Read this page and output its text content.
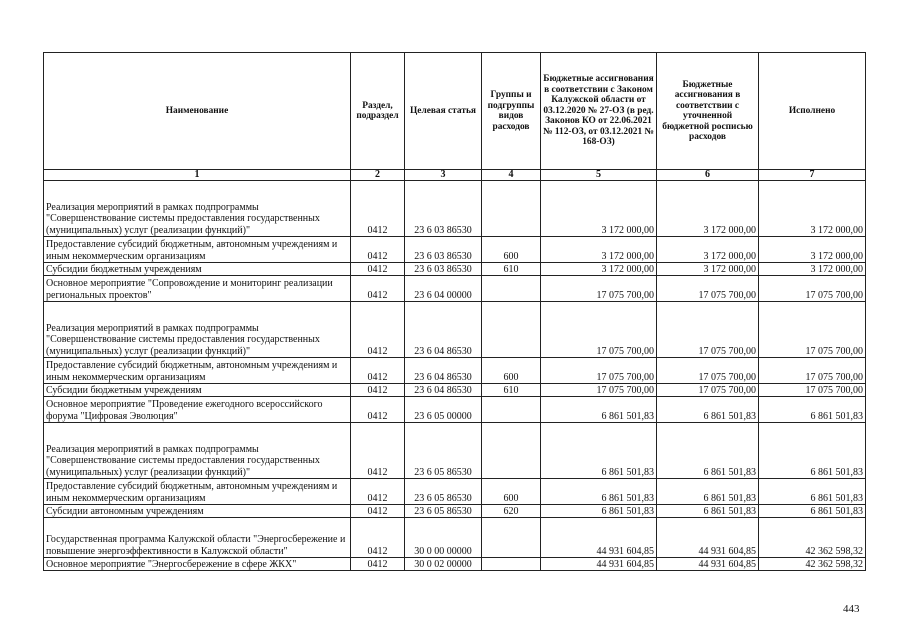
Наименование	Раздел, подраздел	Целевая статья	Группы и подгруппы видов расходов	Бюджетные ассигнования в соответствии с Законом Калужской области от 03.12.2020 № 27-ОЗ (в ред. Законов КО от 22.06.2021 № 112-ОЗ, от 03.12.2021 № 168-ОЗ)	Бюджетные ассигнования в соответствии с уточненной бюджетной росписью расходов	Исполнено
1	2	3	4	5	6	7
Реализация мероприятий в рамках подпрограммы "Совершенствование системы предоставления государственных (муниципальных) услуг (реализации функций)"	0412	23 6 03 86530		3 172 000,00	3 172 000,00	3 172 000,00
Предоставление субсидий бюджетным, автономным учреждениям и иным некоммерческим организациям	0412	23 6 03 86530	600	3 172 000,00	3 172 000,00	3 172 000,00
Субсидии бюджетным учреждениям	0412	23 6 03 86530	610	3 172 000,00	3 172 000,00	3 172 000,00
Основное мероприятие "Сопровождение и мониторинг реализации региональных проектов"	0412	23 6 04 00000		17 075 700,00	17 075 700,00	17 075 700,00
Реализация мероприятий в рамках подпрограммы "Совершенствование системы предоставления государственных (муниципальных) услуг (реализации функций)"	0412	23 6 04 86530		17 075 700,00	17 075 700,00	17 075 700,00
Предоставление субсидий бюджетным, автономным учреждениям и иным некоммерческим организациям	0412	23 6 04 86530	600	17 075 700,00	17 075 700,00	17 075 700,00
Субсидии бюджетным учреждениям	0412	23 6 04 86530	610	17 075 700,00	17 075 700,00	17 075 700,00
Основное мероприятие "Проведение ежегодного всероссийского форума "Цифровая Эволюция"	0412	23 6 05 00000		6 861 501,83	6 861 501,83	6 861 501,83
Реализация мероприятий в рамках подпрограммы "Совершенствование системы предоставления государственных (муниципальных) услуг (реализации функций)"	0412	23 6 05 86530		6 861 501,83	6 861 501,83	6 861 501,83
Предоставление субсидий бюджетным, автономным учреждениям и иным некоммерческим организациям	0412	23 6 05 86530	600	6 861 501,83	6 861 501,83	6 861 501,83
Субсидии автономным учреждениям	0412	23 6 05 86530	620	6 861 501,83	6 861 501,83	6 861 501,83
Государственная программа Калужской области "Энергосбережение и повышение энергоэффективности в Калужской области"	0412	30 0 00 00000		44 931 604,85	44 931 604,85	42 362 598,32
Основное мероприятие "Энергосбережение в сфере ЖКХ"	0412	30 0 02 00000		44 931 604,85	44 931 604,85	42 362 598,32
443
